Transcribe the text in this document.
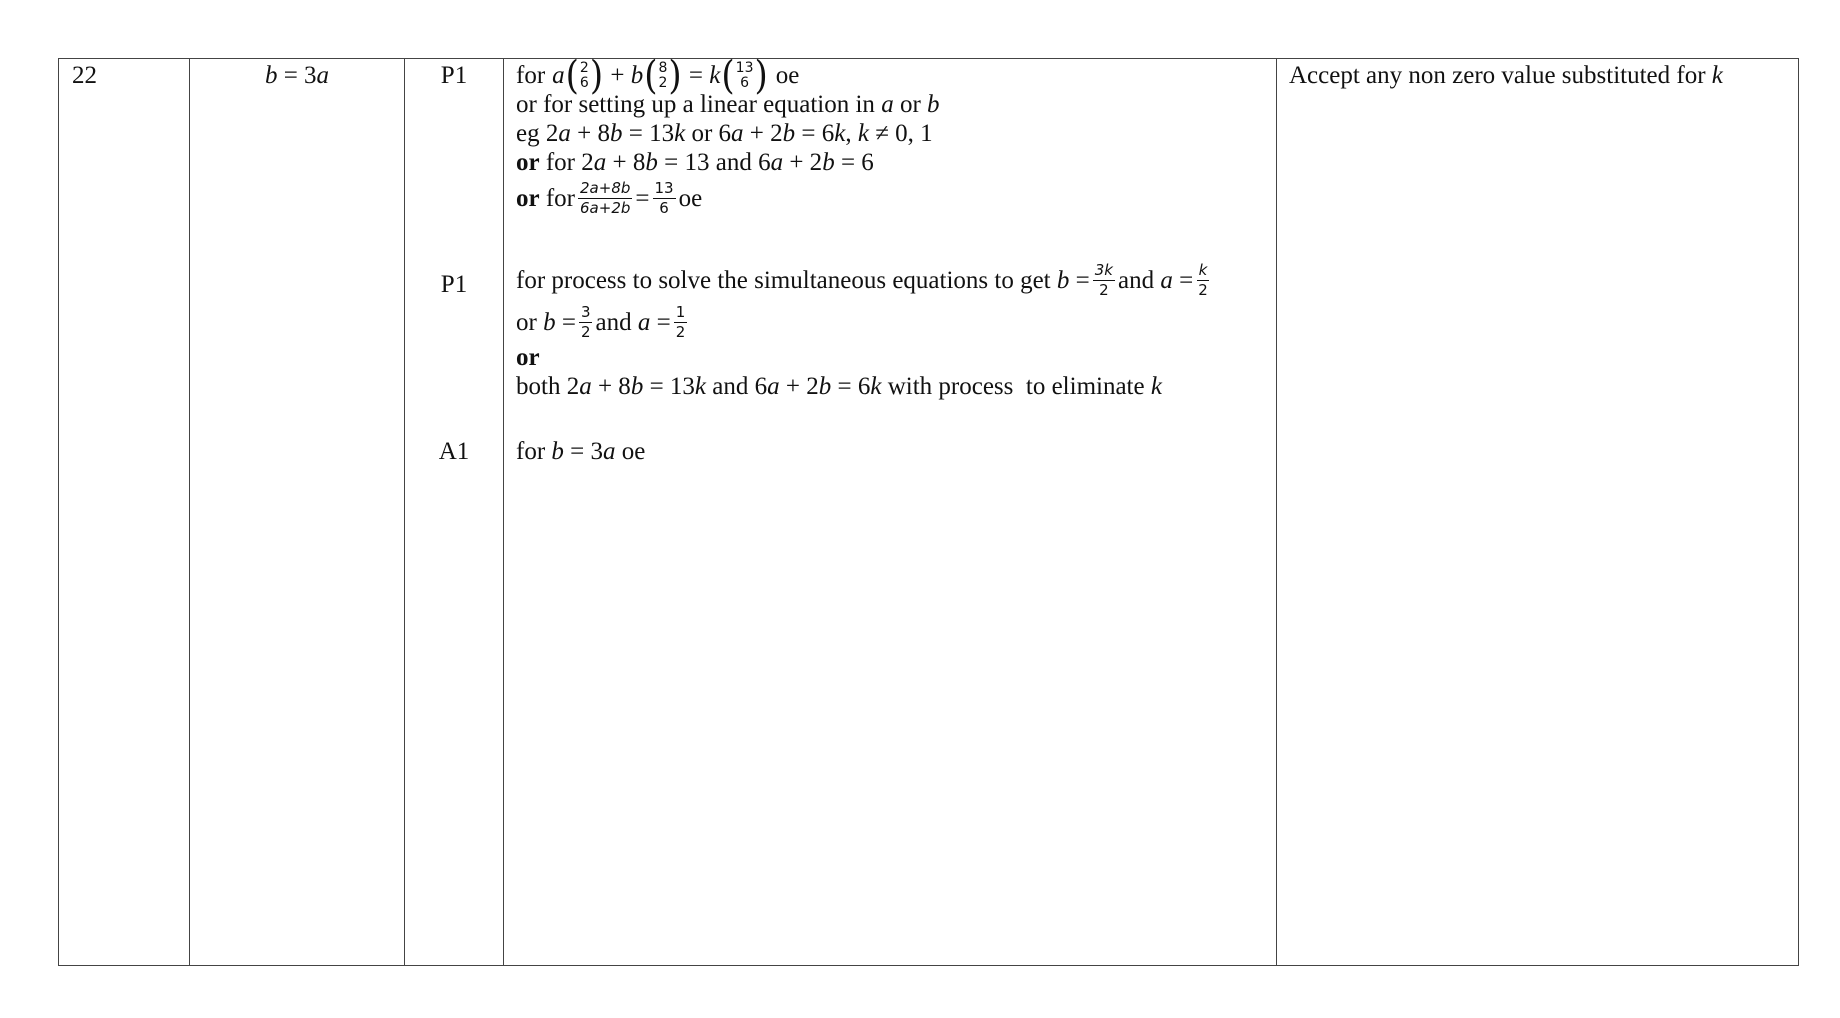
22	b = 3a	P1
P1
A1
for a ( 2
6 ) + b ( 8
2 ) = k ( 13
6 ) oe
or for setting up a linear equation in
a or b
eg 2 a + 8 b = 13 k or 6 a + 2 b = 6 k , k ≠ 0, 1
or for 2 a + 8 b = 13 and 6 a + 2 b = 6
or
for $\frac{2a+8b}{6a+2b} = \frac{13}{6}$ oe
for process to solve the simultaneous equations to get
$b = \frac{3k}{2}$ and $a = \frac{k}{2}$
or
$b = \frac{3}{2}$ and $a = \frac{1}{2}$
or
both 2 a + 8 b = 13 k and 6 a + 2 b = 6 k with process  to eliminate k
for b = 3 a oe
Accept any non zero value substituted for k
